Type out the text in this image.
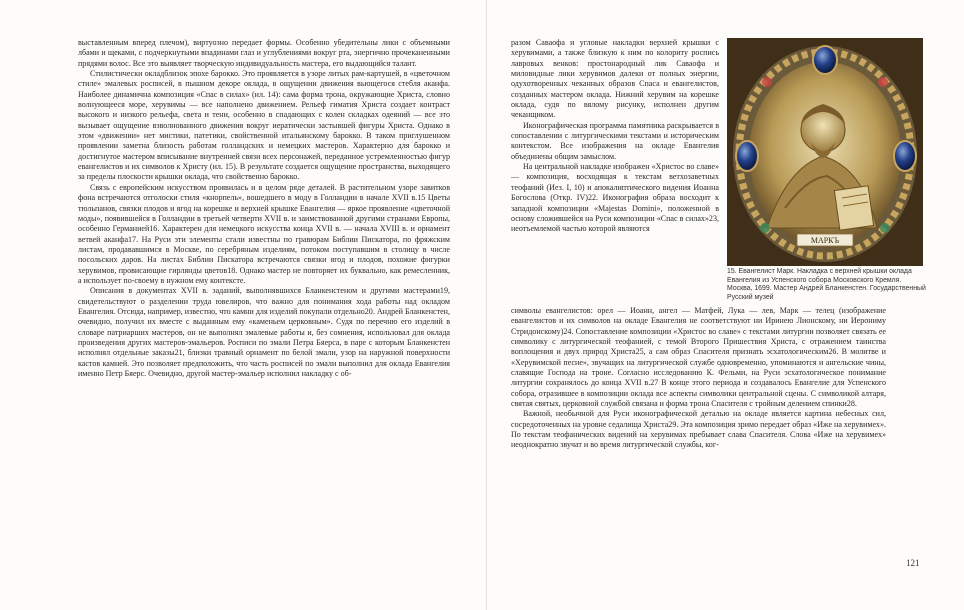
выставленным вперед плечом), виртуозно передает формы. Особенно убедительны лики с объемными лбами и щеками, с подчеркнутыми впадинами глаз и углублениями вокруг рта, энергично прочеканенными прядями волос. Все это выявляет творческую индивидуальность мастера, его выдающийся талант.

Стилистически окладблизок эпохе барокко. Это проявляется в узоре литых рам-картушей, в «цветочном стиле» эмалевых росписей, в пышном декоре оклада, в ощущении движения вьющегося стебля аканфа. Наиболее динамична композиция «Спас в силах» (ил. 14): сама форма трона, окружающие Христа, словно волнующееся море, херувимы — все наполнено движением. Рельеф гиматия Христа создает контраст высокого и низкого рельефа, света и тени, особенно в спадающих с колен складках одеяний — все это вызывает ощущение взволнованного движения вокруг иератически застывшей фигуры Христа. Однако в этом «движении» нет мистики, патетики, свойственной итальянскому барокко. В таком приглушенном проявлении заметна близость работам голландских и немецких мастеров. Характерно для барокко и достигнутое мастером вписывание внутренней связи всех персонажей, переданное устремленностью фигур евангелистов и их символов к Христу (ил. 15). В результате создается ощущение пространства, выходящего за пределы плоскости крышки оклада, что свойственно барокко.

Связь с европейским искусством проявилась и в целом ряде деталей. В растительном узоре завитков фона встречаются отголоски стиля «кнорпель», вошедшего в моду в Голландии в начале XVII в.15 Цветы тюльпанов, связки плодов и ягод на корешке и верхней крышке Евангелия — яркое проявление «цветочной моды», появившейся в Голландии в третьей четверти XVII в. и заимствованной другими странами Европы, особенно Германией16. Характерен для немецкого искусства конца XVII в. — начала XVIII в. и орнамент ветвей аканфа17. На Руси эти элементы стали известны по гравюрам Библии Пискатора, по фряжским листам, продававшимся в Москве, по серебряным изделиям, потоком поступавшим в столицу в числе посольских даров. На листах Библии Пискатора встречаются связки ягод и плодов, похожие фигурки херувимов, провисающие гирлянды цветов18. Однако мастер не повторяет их буквально, как ремесленник, а использует по-своему в нужном ему контексте.

Описания в документах XVII в. заданий, выполнявшихся Бланкенстеном и другими мастерами19, свидетельствуют о разделении труда ювелиров, что важно для понимания хода работы над окладом Евангелия. Отсюда, например, известно, что камни для изделий покупали отдельно20. Андрей Бланкенстен, очевидно, получил их вместе с выданным ему «каменьем церковным». Судя по перечню его изделий в словаре патриарших мастеров, он не выполнял эмалевые работы и, без сомнения, использовал для оклада произведения других мастеров-эмальеров. Росписи по эмали Петра Бяерса, в паре с которым Бланкенстен исполнял отдельные заказы21, близки травный орнамент по белой эмали, узор на наружной поверхности кастов камней. Это позволяет предположить, что часть росписей по эмали выполнил для оклада Евангелия именно Петр Бяерс. Очевидно, другой мастер-эмальер исполнил накладку с об-

разом Саваофа и угловые накладки верхней крышки с херувимами, а также близкую к ним по колориту роспись лавровых венков: простонародный лик Саваофа и миловидные лики херувимов далеки от полных энергии, одухотворенных чеканных образов Спаса и евангелистов, созданных мастером оклада. Нижний херувим на корешке оклада, судя по вялому рисунку, исполнен другим чеканщиком.

Иконографическая программа памятника раскрывается в сопоставлении с литургическими текстами и историческим контекстом. Все изображения на окладе Евангелия объединены общим замыслом.

На центральной накладке изображен «Христос во славе» — композиция, восходящая к текстам ветхозаветных теофаний (Иез. I, 10) и апокалиптического видения Иоанна Богослова (Откр. IV)22. Иконография образа восходит к западной композиции «Majestas Domini», положенной в основу сложившейся на Руси композиции «Спас в силах»23, неотъемлемой частью которой являются

МАРКЪ
15. Евангелист Марк. Накладка с верхней крышки оклада Евангелия из Успенского собора Московского Кремля. Москва, 1699. Мастер Андрей Бланкенстен. Государственный Русский музей

символы евангелистов: орел — Иоанн, ангел — Матфей, Лука — лев, Марк — телец (изображение евангелистов и их символов на окладе Евангелия не соответствуют ни Иринею Лионскому, ни Иерониму Стридонскому)24. Сопоставление композиции «Христос во славе» с текстами литургии позволяет связать ее символику с литургической теофанией, с темой Второго Пришествия Христа, с отражением таинства воплощения и двух природ Христа25, а сам образ Спасителя признать эсхатологическим26. В молитве и «Херувимской песне», звучащих на литургической службе одновременно, упоминаются и ангельские чины, славящие Господа на троне. Согласно исследованию К. Фельми, на Руси эсхатологическое понимание литургии сохранялось до конца XVII в.27 В конце этого периода и создавалось Евангелие для Успенского собора, отразившее в композиции оклада все аспекты символики центральной сцены. С символикой алтаря, святая святых, церковной службой связана и форма трона Спасителя с тройным делением спинки28.

Важной, необычной для Руси иконографической деталью на окладе является картина небесных сил, сосредоточенных на уровне седалища Христа29. Эта композиция зримо передает образ «Иже на херувимех». По текстам теофанических видений на херувимах пребывает слава Спасителя. Слова «Иже на херувимех» неоднократно звучат и во время литургической службы, ког-

121
